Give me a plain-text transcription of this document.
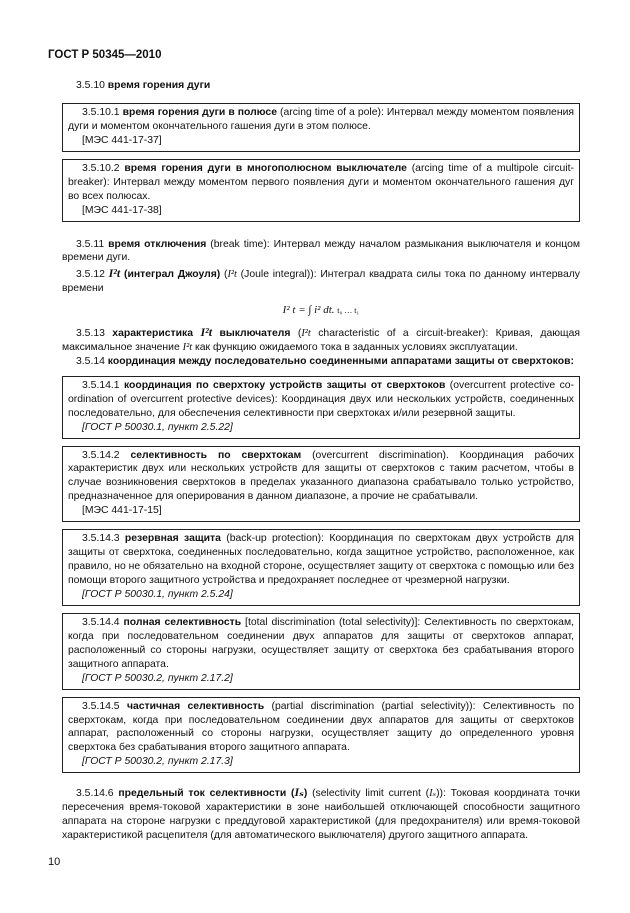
ГОСТ Р 50345—2010

3.5.10 время горения дуги

3.5.10.1 время горения дуги в полюсе (arcing time of a pole): Интервал между моментом появления дуги и моментом окончательного гашения дуги в этом полюсе.

[МЭС 441-17-37]

3.5.10.2 время горения дуги в многополюсном выключателе (arcing time of a multipole circuit-breaker): Интервал между моментом первого появления дуги и моментом окончательного гашения дуг во всех полюсах.

[МЭС 441-17-38]

3.5.11 время отключения (break time): Интервал между началом размыкания выключателя и концом времени дуги.

3.5.12 I²t (интеграл Джоуля) (I²t (Joule integral)): Интеграл квадрата силы тока по данному интервалу времени

I² t = ∫ i² dt. t₀ … t₁

3.5.13 характеристика I²t выключателя (I²t characteristic of a circuit-breaker): Кривая, дающая максимальное значение I²t как функцию ожидаемого тока в заданных условиях эксплуатации.

3.5.14 координация между последовательно соединенными аппаратами защиты от сверхтоков:

3.5.14.1 координация по сверхтоку устройств защиты от сверхтоков (overcurrent protective co-ordination of overcurrent protective devices): Координация двух или нескольких устройств, соединенных последовательно, для обеспечения селективности при сверхтоках и/или резервной защиты.

[ГОСТ Р 50030.1, пункт 2.5.22]

3.5.14.2 селективность по сверхтокам (overcurrent discrimination). Координация рабочих характеристик двух или нескольких устройств для защиты от сверхтоков с таким расчетом, чтобы в случае возникновения сверхтоков в пределах указанного диапазона срабатывало только устройство, предназначенное для оперирования в данном диапазоне, а прочие не срабатывали.

[МЭС 441-17-15]

3.5.14.3 резервная защита (back-up protection): Координация по сверхтокам двух устройств для защиты от сверхтока, соединенных последовательно, когда защитное устройство, расположенное, как правило, но не обязательно на входной стороне, осуществляет защиту от сверхтока с помощью или без помощи второго защитного устройства и предохраняет последнее от чрезмерной нагрузки.

[ГОСТ Р 50030.1, пункт 2.5.24]

3.5.14.4 полная селективность [total discrimination (total selectivity)]: Селективность по сверхтокам, когда при последовательном соединении двух аппаратов для защиты от сверхтоков аппарат, расположенный со стороны нагрузки, осуществляет защиту от сверхтока без срабатывания второго защитного аппарата.

[ГОСТ Р 50030.2, пункт 2.17.2]

3.5.14.5 частичная селективность (partial discrimination (partial selectivity)): Селективность по сверхтокам, когда при последовательном соединении двух аппаратов для защиты от сверхтоков аппарат, расположенный со стороны нагрузки, осуществляет защиту до определенного уровня сверхтока без срабатывания второго защитного аппарата.

[ГОСТ Р 50030.2, пункт 2.17.3]

3.5.14.6 предельный ток селективности (Iₛ) (selectivity limit current (Iₛ)): Токовая координата точки пересечения время-токовой характеристики в зоне наибольшей отключающей способности защитного аппарата на стороне нагрузки с преддуговой характеристикой (для предохранителя) или время-токовой характеристикой расцепителя (для автоматического выключателя) другого защитного аппарата.

10
